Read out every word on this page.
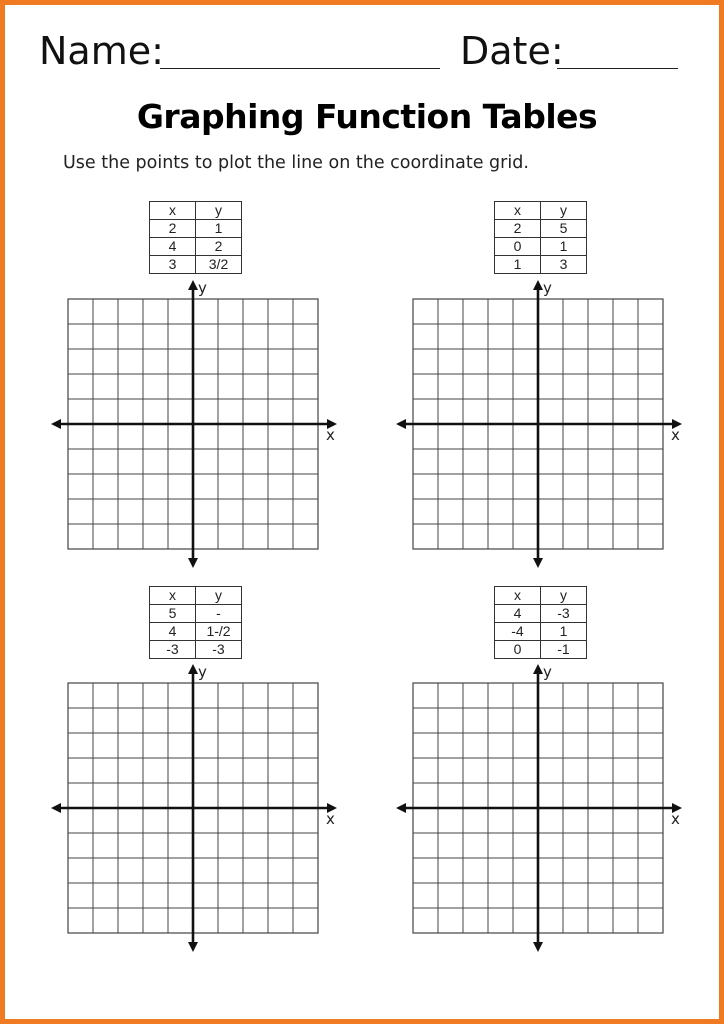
Name:	Date:
Graphing Function Tables
Use the points to plot the line on the coordinate grid.
x	y
2	1
4	2
3	3/2
x
y
x	y
2	5
0	1
1	3
x
y
x	y
5	-
4	1-/2
-3	-3
x
y
x	y
4	-3
-4	1
0	-1
x
y
